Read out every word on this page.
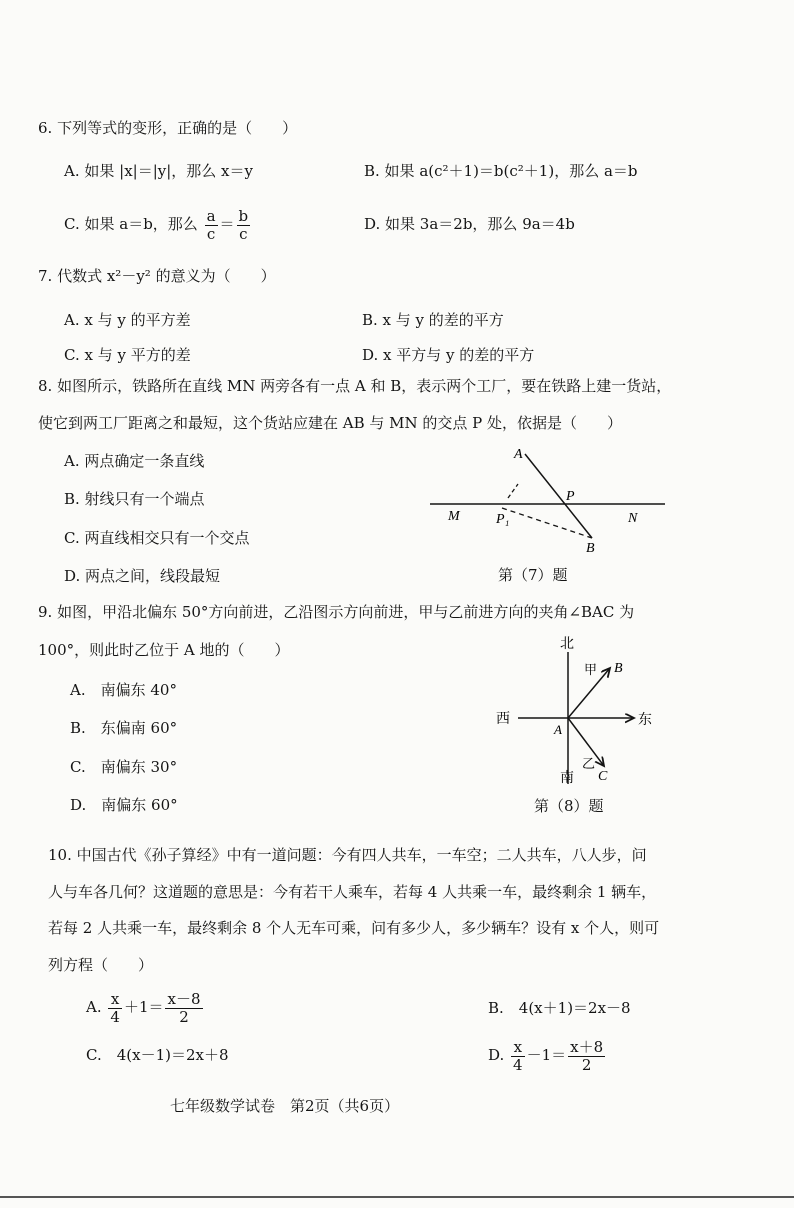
6. 下列等式的变形，正确的是（　　）
A. 如果 |x|＝|y|，那么 x＝y	B. 如果 a(c²＋1)＝b(c²＋1)，那么 a＝b
C. 如果 a＝b，那么 $\frac{a}{c} = \frac{b}{c}$	D. 如果 3a＝2b，那么 9a＝4b
7. 代数式 x²－y² 的意义为（　　）
A. x 与 y 的平方差	B. x 与 y 的差的平方
C. x 与 y 平方的差	D. x 平方与 y 的差的平方
8. 如图所示，铁路所在直线 MN 两旁各有一点 A 和 B，表示两个工厂，要在铁路上建一货站，
使它到两工厂距离之和最短，这个货站应建在 AB 与 MN 的交点 P 处，依据是（　　）
A. 两点确定一条直线
B. 射线只有一个端点
C. 两直线相交只有一个交点
D. 两点之间，线段最短
A
P
M	P₁	N
B
第（7）题
9. 如图，甲沿北偏东 50°方向前进，乙沿图示方向前进，甲与乙前进方向的夹角∠BAC 为
100°，则此时乙位于 A 地的（　　）
A.　南偏东 40°
B.　东偏南 60°
C.　南偏东 30°
D.　南偏东 60°
北
南
西	东
甲
乙
A
B
C
第（8）题
10. 中国古代《孙子算经》中有一道问题：今有四人共车，一车空；二人共车，八人步，问
人与车各几何？这道题的意思是：今有若干人乘车，若每 4 人共乘一车，最终剩余 1 辆车，
若每 2 人共乘一车，最终剩余 8 个人无车可乘，问有多少人，多少辆车？设有 x 个人，则可
列方程（　　）
A. $\frac{x}{4} +1= \frac{x-8}{2}$	B.　4(x＋1)＝2x－8
C.　4(x－1)＝2x＋8	D. $\frac{x}{4} -1= \frac{x+8}{2}$
七年级数学试卷　第2页（共6页）
